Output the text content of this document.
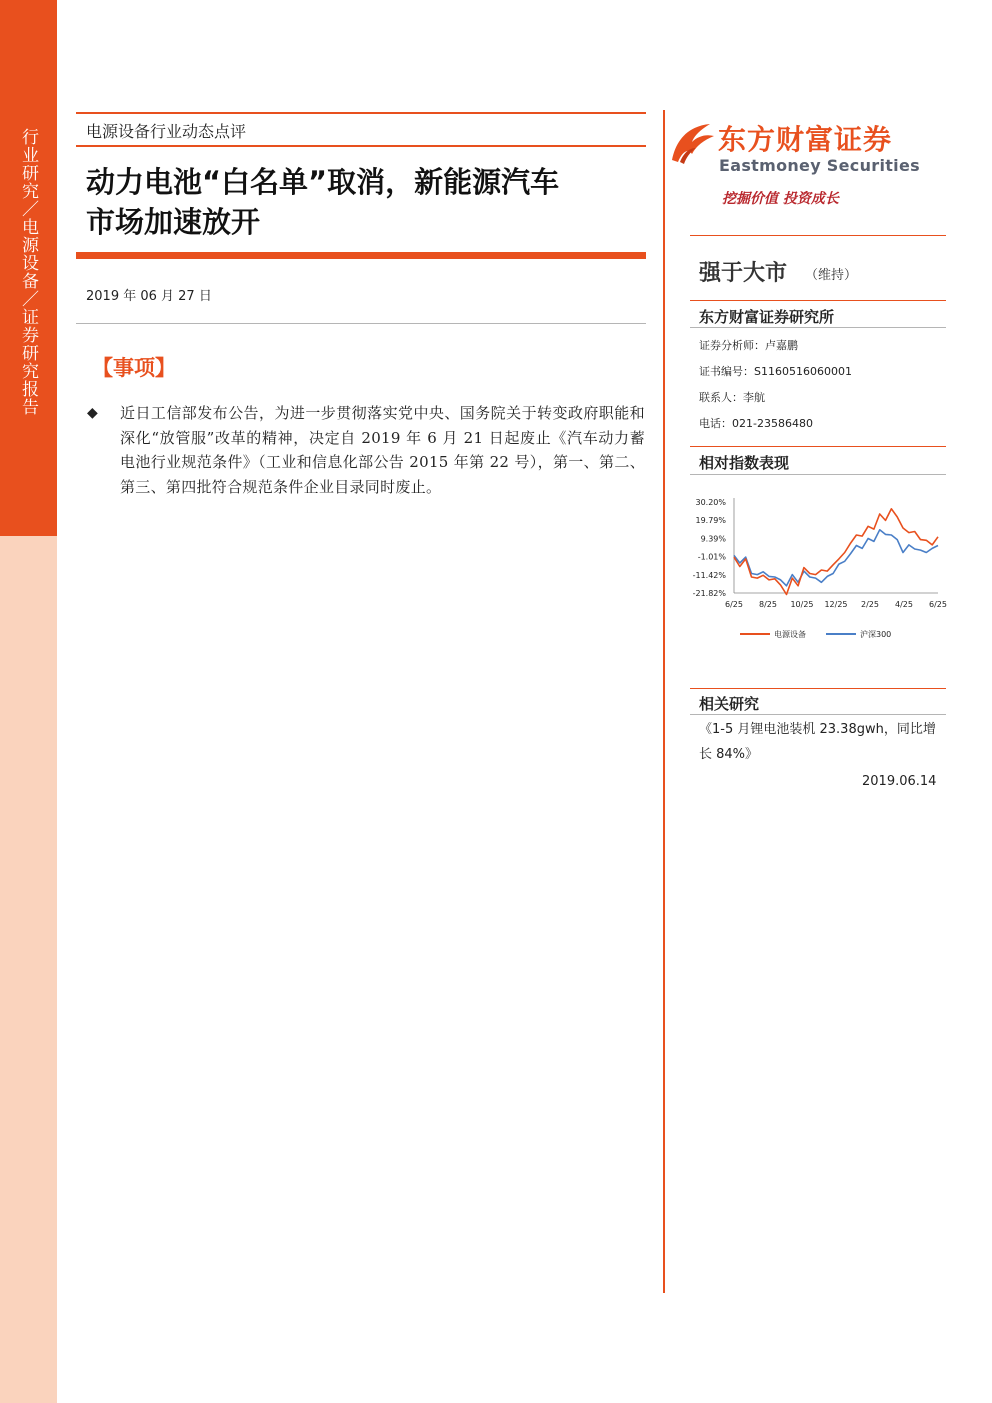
行业研究／电源设备／证券研究报告	电源设备行业动态点评
动力电池“白名单”取消，新能源汽车
市场加速放开
2019 年 06 月 27 日
【事项】
◆ 近日工信部发布公告，为进一步贯彻落实党中央、国务院关于转变政府职能和深化“放管服”改革的精神，决定自 2019 年 6 月 21 日起废止《汽车动力蓄电池行业规范条件》（工业和信息化部公告 2015 年第 22 号），第一、第二、第三、第四批符合规范条件企业目录同时废止。
东方财富证券
Eastmoney Securities
挖掘价值 投资成长
强于大市 （维持）
东方财富证券研究所
证券分析师：卢嘉鹏
证书编号：S1160516060001
联系人：李航
电话：021-23586480
相对指数表现
30.20%
19.79%
9.39%
-1.01%
-11.42%
-21.82%
6/25 8/25 10/25 12/25 2/25 4/25 6/25
电源设备	沪深300
相关研究
《1-5 月锂电池装机 23.38gwh，同比增长 84%》
2019.06.14
